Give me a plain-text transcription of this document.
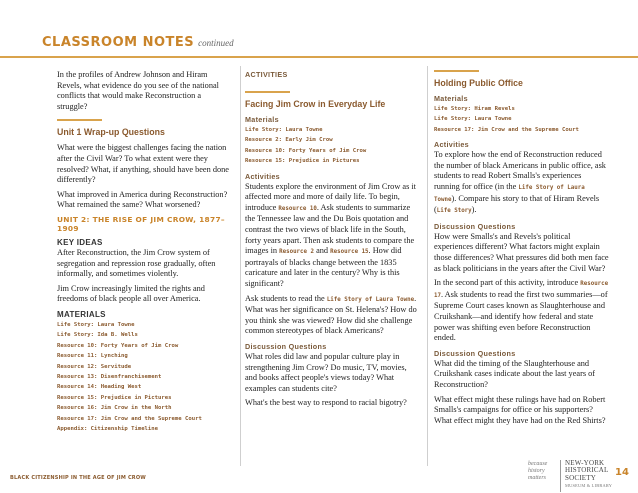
CLASSROOM NOTES continued

In the profiles of Andrew Johnson and Hiram Revels, what evidence do you see of the national conflicts that would make Reconstruction a struggle?

Unit 1 Wrap-up Questions

What were the biggest challenges facing the nation after the Civil War? To what extent were they resolved? What, if anything, should have been done differently?

What improved in America during Reconstruction? What remained the same? What worsened?

UNIT 2: THE RISE OF JIM CROW, 1877–1909
KEY IDEAS

After Reconstruction, the Jim Crow system of segregation and repression rose gradually, often informally, and sometimes violently.

Jim Crow increasingly limited the rights and freedoms of black people all over America.

MATERIALS
Life Story: Laura Towne
Life Story: Ida B. Wells
Resource 10: Forty Years of Jim Crow
Resource 11: Lynching
Resource 12: Servitude
Resource 13: Disenfranchisement
Resource 14: Heading West
Resource 15: Prejudice in Pictures
Resource 16: Jim Crow in the North
Resource 17: Jim Crow and the Supreme Court
Appendix: Citizenship Timeline
ACTIVITIES
Facing Jim Crow in Everyday Life
Materials
Life Story: Laura Towne
Resource 2: Early Jim Crow
Resource 10: Forty Years of Jim Crow
Resource 15: Prejudice in Pictures
Activities

Students explore the environment of Jim Crow as it affected more and more of daily life. To begin, introduce Resource 10. Ask students to summarize the Tennessee law and the Du Bois quotation and contrast the two views of black life in the South, forty years apart. Then ask students to compare the images in Resource 2 and Resource 15. How did portrayals of blacks change between the 1835 caricature and later in the century? Why is this significant?

Ask students to read the Life Story of Laura Towne. What was her significance on St. Helena's? How do you think she was viewed? How did she challenge common stereotypes of black Americans?

Discussion Questions

What roles did law and popular culture play in strengthening Jim Crow? Do music, TV, movies, and books affect people's views today? What examples can students cite?

What's the best way to respond to racial bigotry?

Holding Public Office
Materials
Life Story: Hiram Revels
Life Story: Laura Towne
Resource 17: Jim Crow and the Supreme Court
Activities

To explore how the end of Reconstruction reduced the number of black Americans in public office, ask students to read Robert Smalls's experiences running for office (in the Life Story of Laura Towne). Compare his story to that of Hiram Revels (Life Story).

Discussion Questions

How were Smalls's and Revels's political experiences different? What factors might explain those differences? What pressures did both men face as black politicians in the years after the Civil War?

In the second part of this activity, introduce Resource 17. Ask students to read the first two summaries—of Supreme Court cases known as Slaughterhouse and Cruikshank—and identify how federal and state power was shifting even before Reconstruction ended.

Discussion Questions

What did the timing of the Slaughterhouse and Cruikshank cases indicate about the last years of Reconstruction?

What effect might these rulings have had on Robert Smalls's campaigns for office or his supporters? What effect might they have had on the Red Shirts?

BLACK CITIZENSHIP IN THE AGE OF JIM CROW
because
history
matters
NEW-YORK
HISTORICAL
SOCIETY
MUSEUM & LIBRARY
14
